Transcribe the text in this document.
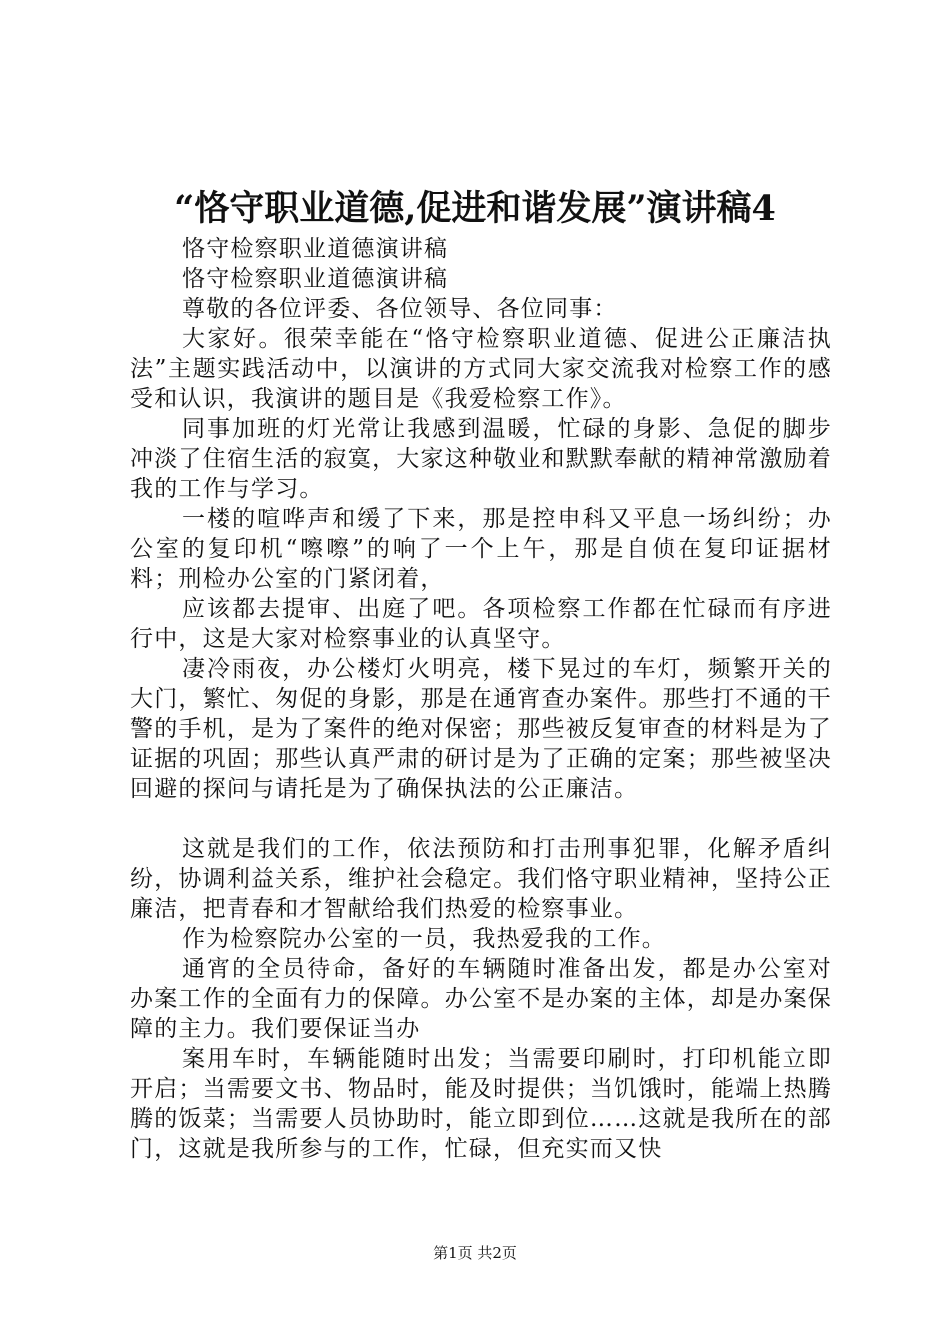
“恪守职业道德,促进和谐发展”演讲稿4

恪守检察职业道德演讲稿

恪守检察职业道德演讲稿

尊敬的各位评委、各位领导、各位同事：

大家好。很荣幸能在“恪守检察职业道德、促进公正廉洁执法”主题实践活动中，以演讲的方式同大家交流我对检察工作的感受和认识，我演讲的题目是《我爱检察工作》。

同事加班的灯光常让我感到温暖，忙碌的身影、急促的脚步冲淡了住宿生活的寂寞，大家这种敬业和默默奉献的精神常激励着我的工作与学习。

一楼的喧哗声和缓了下来，那是控申科又平息一场纠纷；办公室的复印机“嚓嚓”的响了一个上午，那是自侦在复印证据材料；刑检办公室的门紧闭着，

应该都去提审、出庭了吧。各项检察工作都在忙碌而有序进行中，这是大家对检察事业的认真坚守。

凄冷雨夜，办公楼灯火明亮，楼下晃过的车灯，频繁开关的大门，繁忙、匆促的身影，那是在通宵查办案件。那些打不通的干警的手机，是为了案件的绝对保密；那些被反复审查的材料是为了证据的巩固；那些认真严肃的研讨是为了正确的定案；那些被坚决回避的探问与请托是为了确保执法的公正廉洁。

这就是我们的工作，依法预防和打击刑事犯罪，化解矛盾纠纷，协调利益关系，维护社会稳定。我们恪守职业精神，坚持公正廉洁，把青春和才智献给我们热爱的检察事业。

作为检察院办公室的一员，我热爱我的工作。

通宵的全员待命，备好的车辆随时准备出发，都是办公室对办案工作的全面有力的保障。办公室不是办案的主体，却是办案保障的主力。我们要保证当办

案用车时，车辆能随时出发；当需要印刷时，打印机能立即开启；当需要文书、物品时，能及时提供；当饥饿时，能端上热腾腾的饭菜；当需要人员协助时，能立即到位……这就是我所在的部门，这就是我所参与的工作，忙碌，但充实而又快

第1页 共2页
